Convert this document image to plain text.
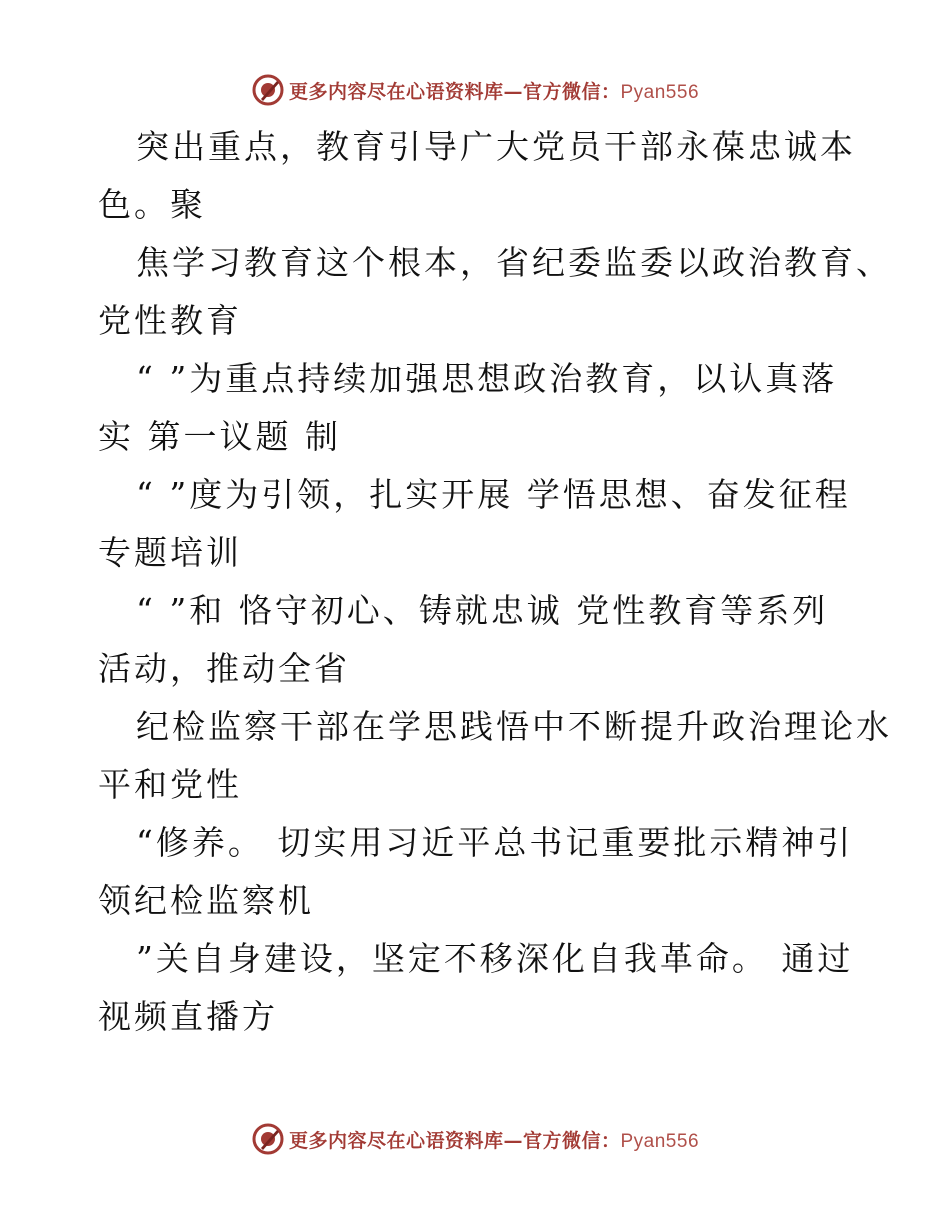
更多内容尽在心语资料库—官方微信：Pyan556
突出重点，教育引导广大党员干部永葆忠诚本
色。聚
焦学习教育这个根本，省纪委监委以政治教育、
党性教育
“ ”为重点持续加强思想政治教育，以认真落
实 第一议题 制
“ ”度为引领，扎实开展 学悟思想、奋发征程
专题培训
“ ”和 恪守初心、铸就忠诚 党性教育等系列
活动，推动全省
纪检监察干部在学思践悟中不断提升政治理论水
平和党性
“修养。 切实用习近平总书记重要批示精神引
领纪检监察机
”关自身建设，坚定不移深化自我革命。 通过
视频直播方
更多内容尽在心语资料库—官方微信：Pyan556
